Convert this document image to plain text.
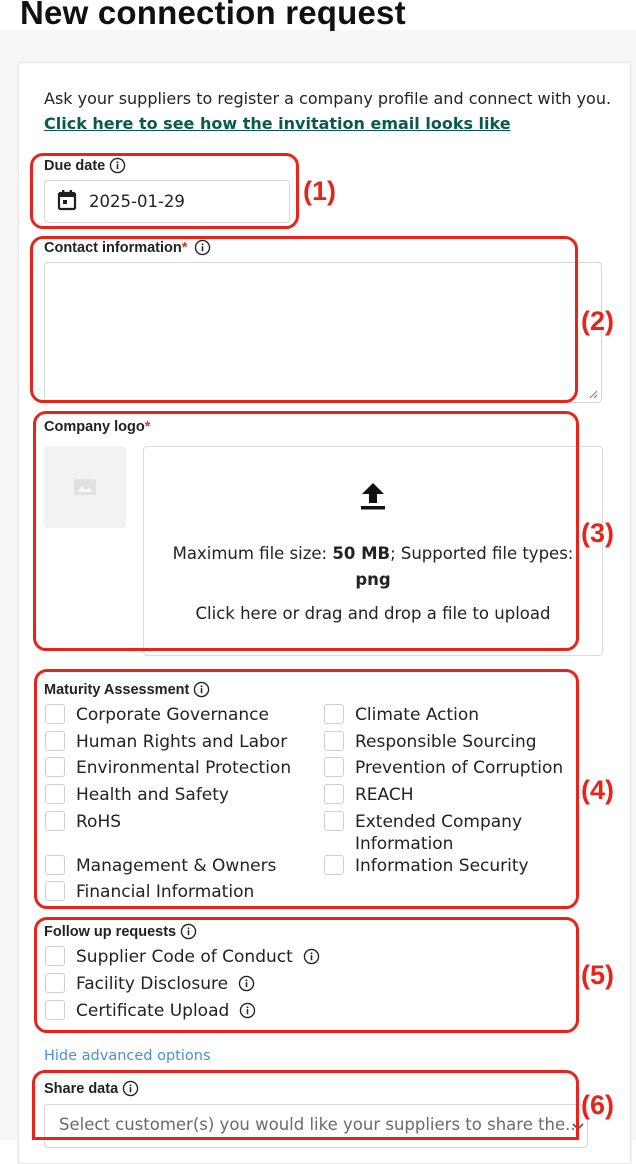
New connection request
Ask your suppliers to register a company profile and connect with you.
Click here to see how the invitation email looks like
Due date
2025-01-29
Contact information *
Company logo *
Maximum file size: 50 MB; Supported file types:
png
Click here or drag and drop a file to upload
Maturity Assessment
Corporate Governance
Human Rights and Labor
Environmental Protection
Health and Safety
RoHS
Management & Owners
Financial Information
Climate Action
Responsible Sourcing
Prevention of Corruption
REACH
Extended Company Information
Information Security
Follow up requests
Supplier Code of Conduct
Facility Disclosure
Certificate Upload
Hide advanced options
Share data
Select customer(s) you would like your suppliers to share the...
(1)
(2)
(3)
(4)
(5)
(6)
